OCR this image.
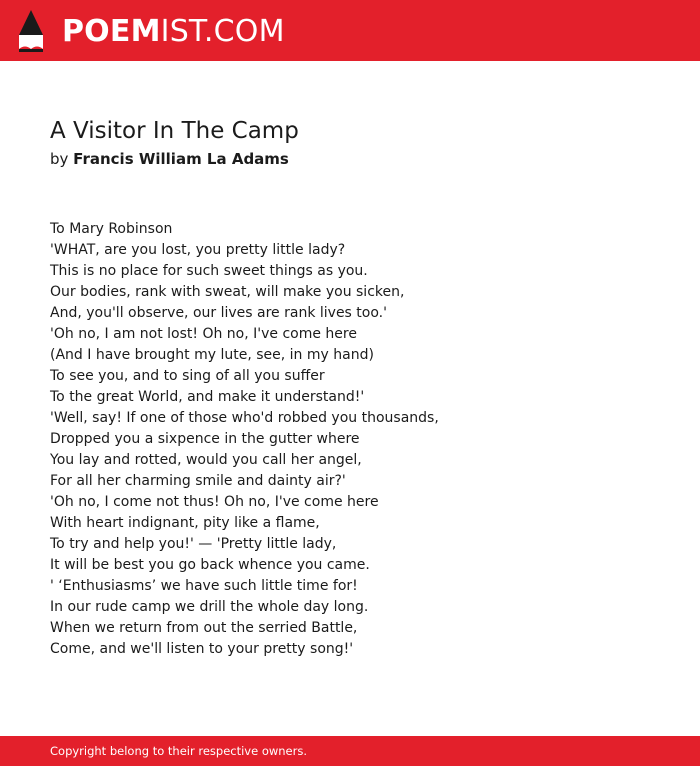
POEMIST.COM
A Visitor In The Camp
by Francis William La Adams
To Mary Robinson
'WHAT, are you lost, you pretty little lady?
This is no place for such sweet things as you.
Our bodies, rank with sweat, will make you sicken,
And, you'll observe, our lives are rank lives too.'
'Oh no, I am not lost! Oh no, I've come here
(And I have brought my lute, see, in my hand)
To see you, and to sing of all you suffer
To the great World, and make it understand!'
'Well, say! If one of those who'd robbed you thousands,
Dropped you a sixpence in the gutter where
You lay and rotted, would you call her angel,
For all her charming smile and dainty air?'
'Oh no, I come not thus! Oh no, I've come here
With heart indignant, pity like a flame,
To try and help you!' — 'Pretty little lady,
It will be best you go back whence you came.
' ‘Enthusiasms’ we have such little time for!
In our rude camp we drill the whole day long.
When we return from out the serried Battle,
Come, and we'll listen to your pretty song!'
Copyright belong to their respective owners.
